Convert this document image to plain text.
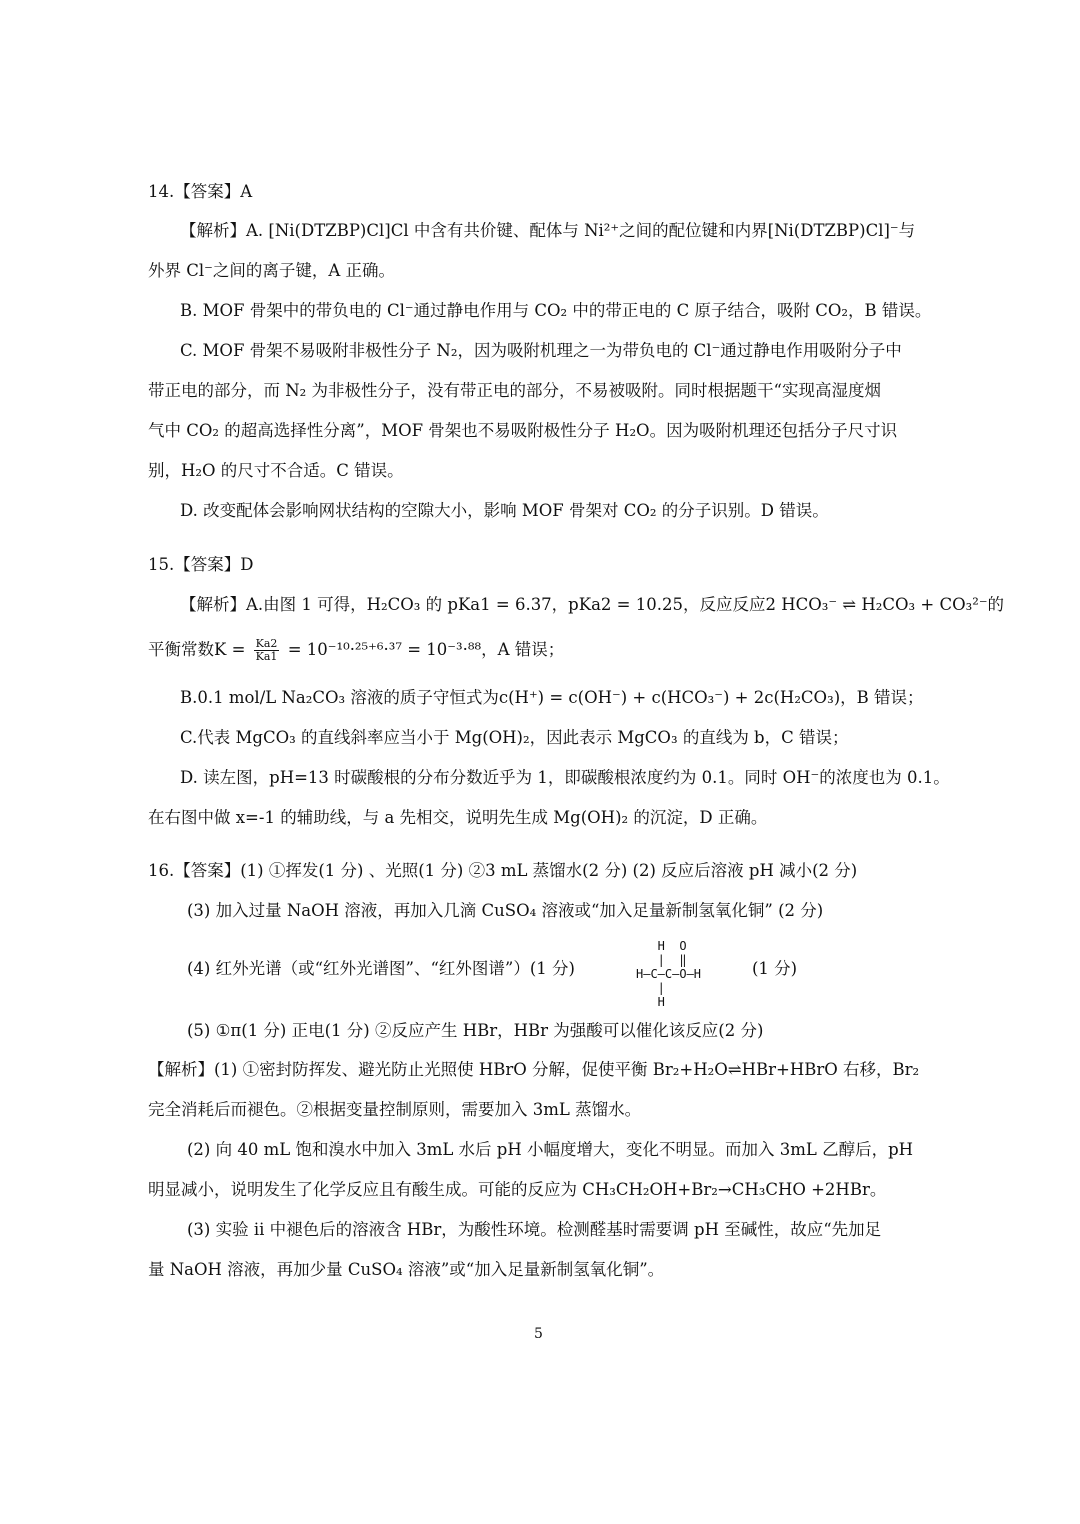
14.【答案】A
【解析】A. [Ni(DTZBP)Cl]Cl 中含有共价键、配体与 Ni²⁺之间的配位键和内界[Ni(DTZBP)Cl]⁻与
外界 Cl⁻之间的离子键，A 正确。
B. MOF 骨架中的带负电的 Cl⁻通过静电作用与 CO₂ 中的带正电的 C 原子结合，吸附 CO₂，B 错误。
C. MOF 骨架不易吸附非极性分子 N₂，因为吸附机理之一为带负电的 Cl⁻通过静电作用吸附分子中
带正电的部分，而 N₂ 为非极性分子，没有带正电的部分，不易被吸附。同时根据题干“实现高湿度烟
气中 CO₂ 的超高选择性分离”，MOF 骨架也不易吸附极性分子 H₂O。因为吸附机理还包括分子尺寸识
别，H₂O 的尺寸不合适。C 错误。
D. 改变配体会影响网状结构的空隙大小，影响 MOF 骨架对 CO₂ 的分子识别。D 错误。
15.【答案】D
【解析】A.由图 1 可得，H₂CO₃ 的 pKa1 = 6.37，pKa2 = 10.25，反应反应2 HCO₃⁻ ⇌ H₂CO₃ + CO₃²⁻的
平衡常数$K = \frac{Ka2}{Ka1} = 10^{-10}\cdot^{25+6}\cdot^{37} = 10^{-3}\cdot^{88}$，A 错误；
B.0.1 mol/L Na₂CO₃ 溶液的质子守恒式为c(H⁺) = c(OH⁻) + c(HCO₃⁻) + 2c(H₂CO₃)，B 错误；
C.代表 MgCO₃ 的直线斜率应当小于 Mg(OH)₂，因此表示 MgCO₃ 的直线为 b，C 错误；
D. 读左图，pH=13 时碳酸根的分布分数近乎为 1，即碳酸根浓度约为 0.1。同时 OH⁻的浓度也为 0.1。
在右图中做 x=-1 的辅助线，与 a 先相交，说明先生成 Mg(OH)₂ 的沉淀，D 正确。
16.【答案】(1) ①挥发(1 分) 、光照(1 分) ②3 mL 蒸馏水(2 分) (2) 反应后溶液 pH 减小(2 分)
(3) 加入过量 NaOH 溶液，再加入几滴 CuSO₄ 溶液或“加入足量新制氢氧化铜” (2 分)
(4) 红外光谱（或“红外光谱图”、“红外图谱”）(1 分)
H  O
|  ‖
H—C—C—O—H
|
H
(1 分)
(5) ①π(1 分) 正电(1 分) ②反应产生 HBr，HBr 为强酸可以催化该反应(2 分)
【解析】(1) ①密封防挥发、避光防止光照使 HBrO 分解，促使平衡 Br₂+H₂O⇌HBr+HBrO 右移，Br₂
完全消耗后而褪色。②根据变量控制原则，需要加入 3mL 蒸馏水。
(2) 向 40 mL 饱和溴水中加入 3mL 水后 pH 小幅度增大，变化不明显。而加入 3mL 乙醇后，pH
明显减小，说明发生了化学反应且有酸生成。可能的反应为 CH₃CH₂OH+Br₂→CH₃CHO +2HBr。
(3) 实验 ii 中褪色后的溶液含 HBr，为酸性环境。检测醛基时需要调 pH 至碱性，故应“先加足
量 NaOH 溶液，再加少量 CuSO₄ 溶液”或“加入足量新制氢氧化铜”。
5
